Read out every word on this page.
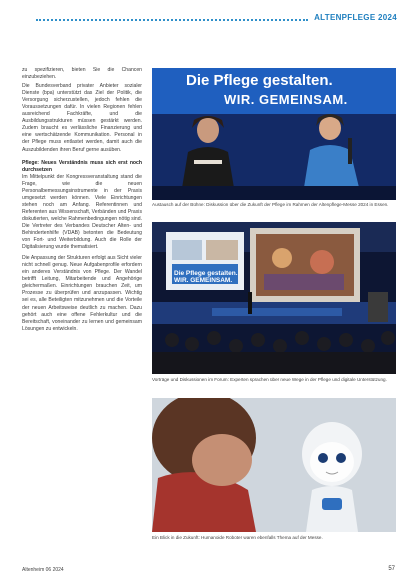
ALTENPFLEGE 2024

zu spezifizieren, bieten Sie die Chancen einzubeziehen.

Die Bundesverband privater Anbieter sozialer Dienste (bpa) unterstützt das Ziel der Politik, die Versorgung sicherzustellen, jedoch fehlen die Voraussetzungen dafür. In vielen Regionen fehlen ausreichend Fachkräfte, und die Ausbildungsstrukturen müssen gestärkt werden. Zudem braucht es verlässliche Finanzierung und eine wertschätzende Kommunikation. Personal in der Pflege muss entlastet werden, damit auch die Auszubildenden ihren Beruf gerne ausüben.

Pflege: Neues Verständnis muss sich erst noch durchsetzen

Im Mittelpunkt der Kongressveranstaltung stand die Frage, wie die neuen Personalbemessungsinstrumente in der Praxis umgesetzt werden können. Viele Einrichtungen stehen noch am Anfang. Referentinnen und Referenten aus Wissenschaft, Verbänden und Praxis diskutierten, welche Rahmenbedingungen nötig sind. Die Vertreter des Verbandes Deutscher Alten- und Behindertenhilfe (VDAB) betonten die Bedeutung von Fort- und Weiterbildung. Auch die Rolle der Digitalisierung wurde thematisiert.

Die Anpassung der Strukturen erfolgt aus Sicht vieler nicht schnell genug. Neue Aufgabenprofile erfordern ein anderes Verständnis von Pflege. Der Wandel betrifft Leitung, Mitarbeitende und Angehörige gleichermaßen. Einrichtungen brauchen Zeit, um Prozesse zu überprüfen und anzupassen. Wichtig sei es, alle Beteiligten mitzunehmen und die Vorteile der neuen Arbeitsweise deutlich zu machen. Dazu gehört auch eine offene Fehlerkultur und die Bereitschaft, voneinander zu lernen und gemeinsam Lösungen zu entwickeln.

Die Pflege gestalten.
WIR. GEMEINSAM.
Austausch auf der Bühne: Diskussion über die Zukunft der Pflege im Rahmen der Altenpflege-Messe 2024 in Essen.
Die Pflege gestalten.
WIR. GEMEINSAM.
Vorträge und Diskussionen im Forum: Experten sprachen über neue Wege in der Pflege und digitale Unterstützung.
Ein Blick in die Zukunft: Humanoide Roboter waren ebenfalls Thema auf der Messe.
Altenheim 06 2024	57
